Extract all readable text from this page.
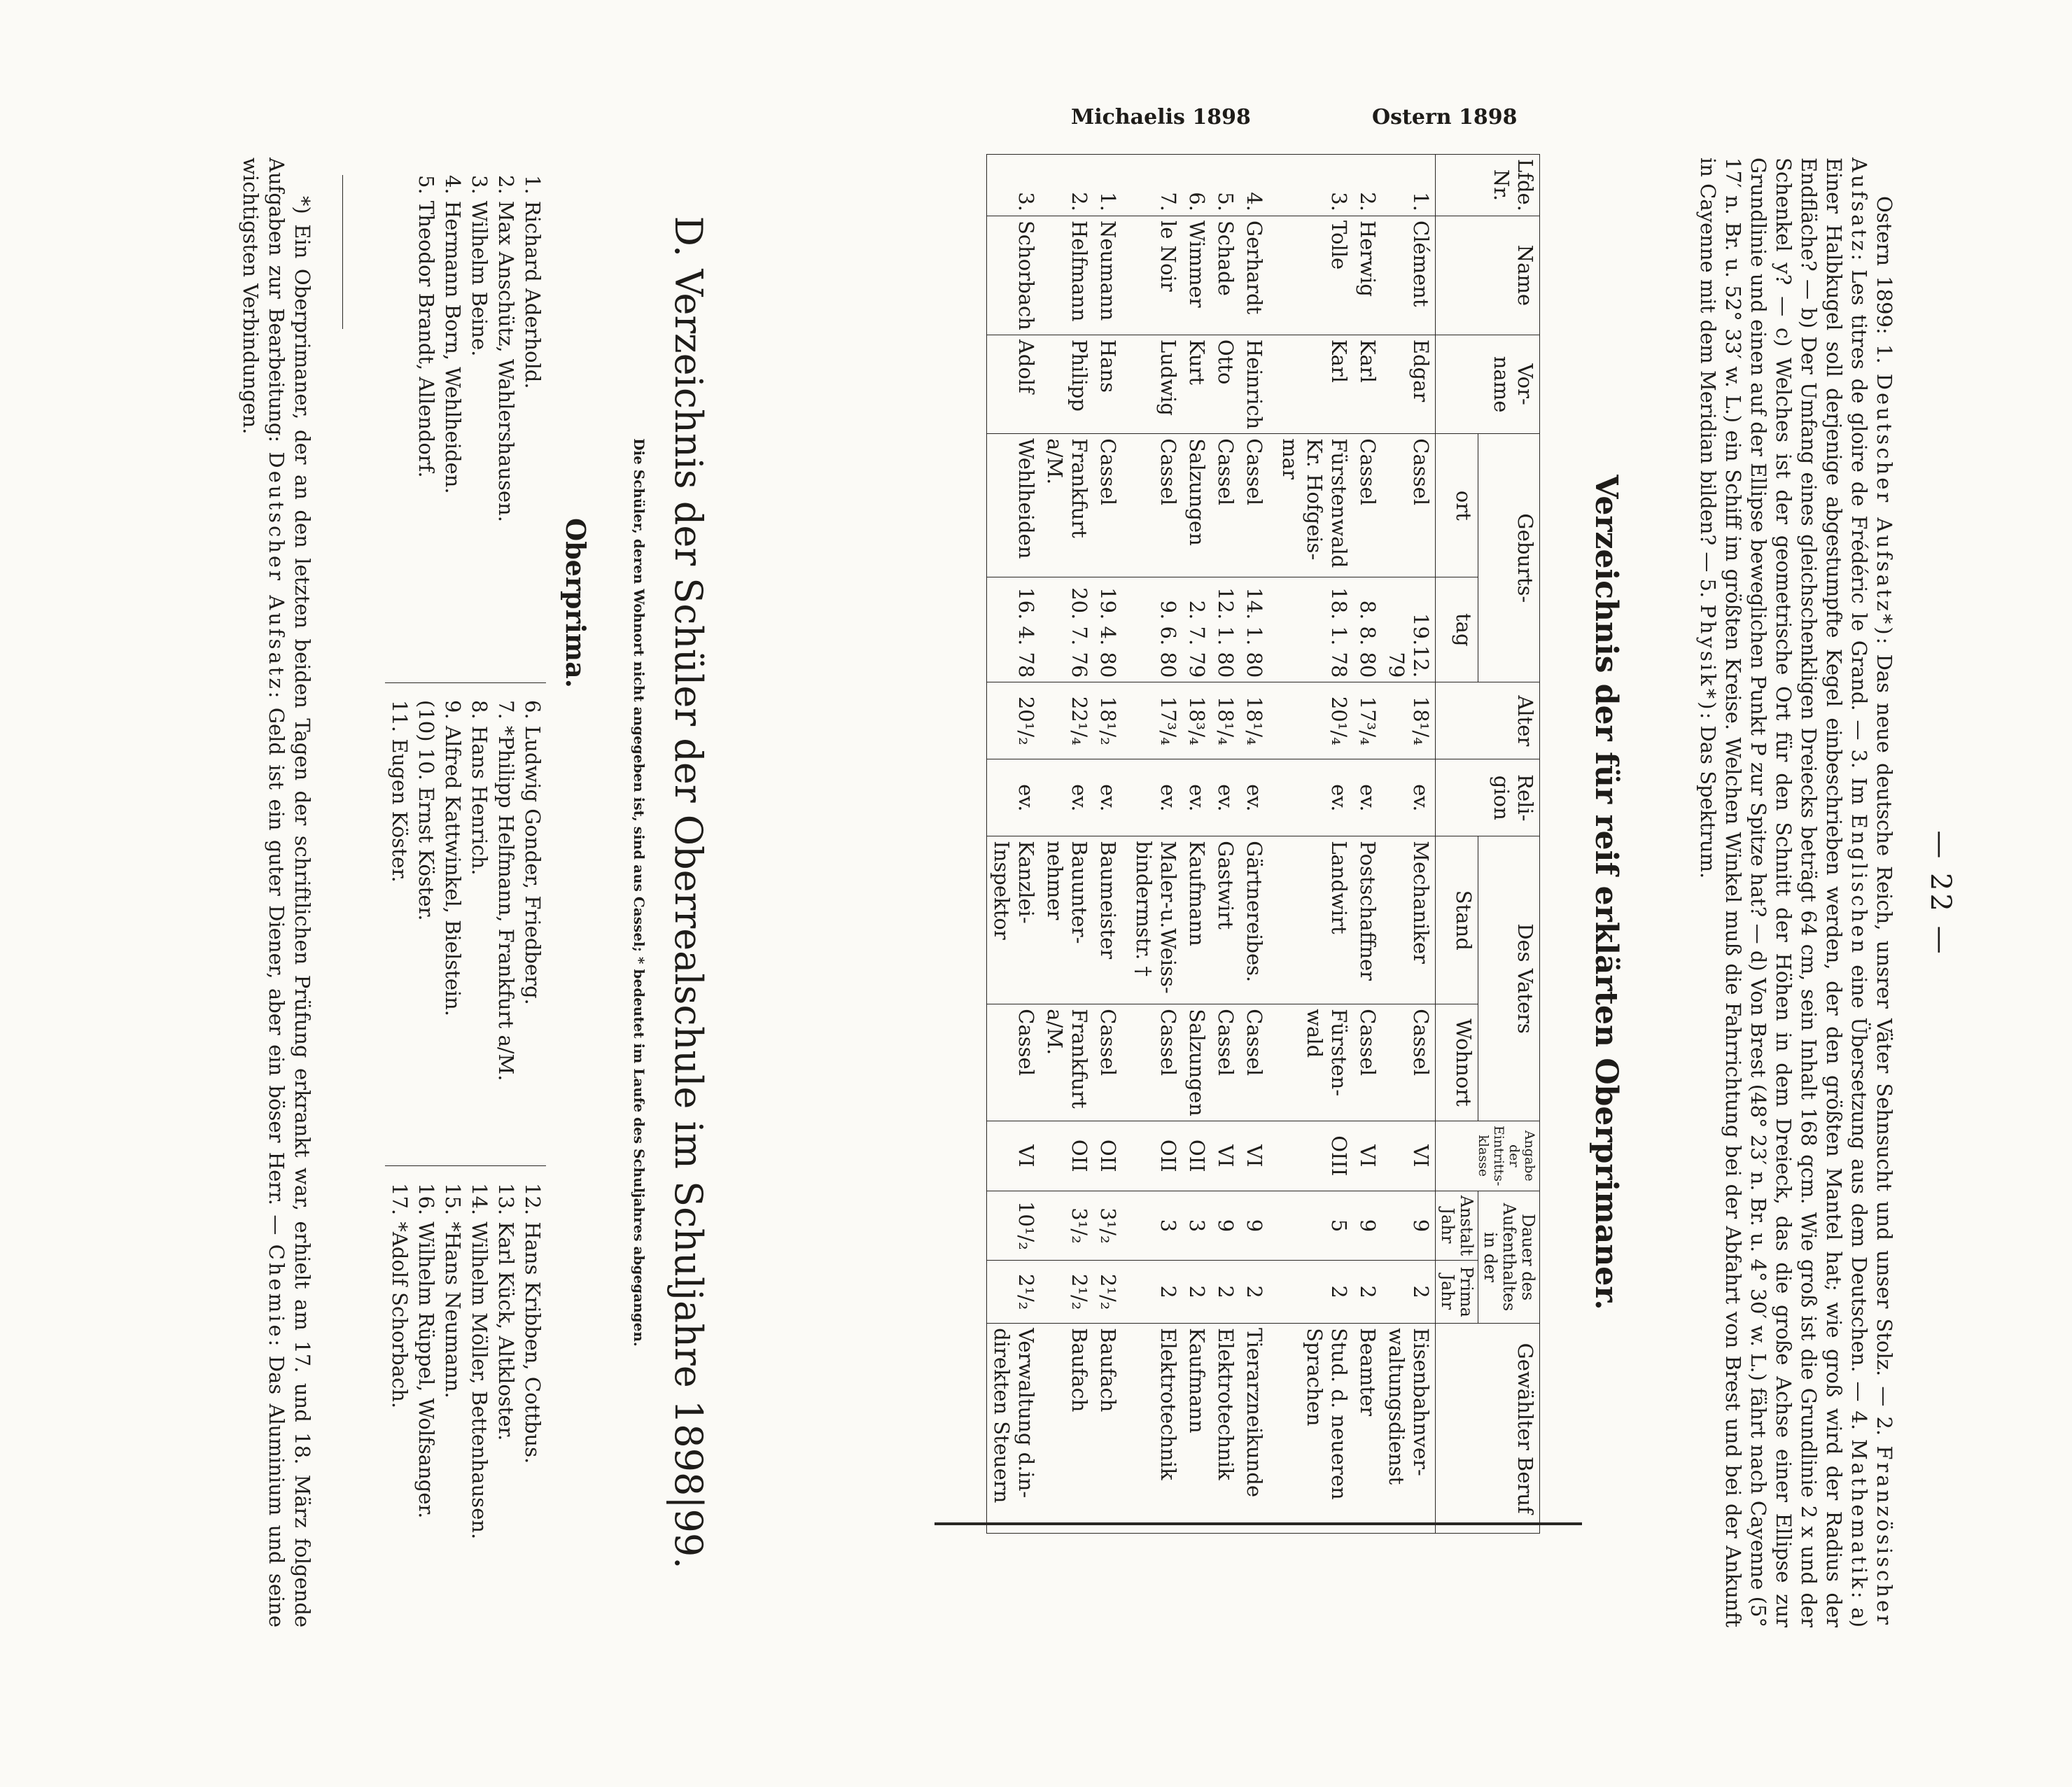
— 22 —

Ostern 1899: 1. Deutscher Aufsatz*): Das neue deutsche Reich, unsrer Väter Sehnsucht und unser Stolz. — 2. Französischer Aufsatz: Les titres de gloire de Frédéric le Grand. — 3. Im Englischen eine Übersetzung aus dem Deutschen. — 4. Mathematik: a) Einer Halbkugel soll derjenige abgestumpfte Kegel einbeschrieben werden, der den größten Mantel hat; wie groß wird der Radius der Endfläche? — b) Der Umfang eines gleichschenkligen Dreiecks beträgt 64 cm, sein Inhalt 168 qcm. Wie groß ist die Grundlinie 2 x und der Schenkel y? — c) Welches ist der geometrische Ort für den Schnitt der Höhen in dem Dreieck, das die große Achse einer Ellipse zur Grundlinie und einen auf der Ellipse beweglichen Punkt P zur Spitze hat? — d) Von Brest (48° 23′ n. Br. u. 4° 30′ w. L.) fährt nach Cayenne (5° 17′ n. Br. u. 52° 33′ w. L.) ein Schiff im größten Kreise. Welchen Winkel muß die Fahrrichtung bei der Abfahrt von Brest und bei der Ankunft in Cayenne mit dem Meridian bilden? — 5. Physik*): Das Spektrum.

Verzeichnis der für reif erklärten Oberprimaner.
Ostern 1898
Michaelis 1898
Lfde. Nr.	Name	Vor-name	Geburts-		Alter	Reli-gion	Des Vaters		Angabe der Eintritts-klasse	Dauer des Aufenthaltes in der		Gewählter Beruf
			ort	tag			Stand	Wohnort		Anstalt Jahr	Prima Jahr	
1.	Clément	Edgar	Cassel	19.12. 79	18¹/₄	ev.	Mechaniker	Cassel	VI	9	2	Eisenbahnver-waltungsdienst
2.	Herwig	Karl	Cassel	8. 8. 80	17³/₄	ev.	Postschaffner	Cassel	VI	9	2	Beamter
3.	Tolle	Karl	Fürstenwald Kr. Hofgeis-mar	18. 1. 78	20¹/₄	ev.	Landwirt	Fürsten-wald	OIII	5	2	Stud. d. neueren Sprachen

4.	Gerhardt	Heinrich	Cassel	14. 1. 80	18¹/₄	ev.	Gärtnereibes.	Cassel	VI	9	2	Tierarzneikunde
5.	Schade	Otto	Cassel	12. 1. 80	18¹/₄	ev.	Gastwirt	Cassel	VI	9	2	Elektrotechnik
6.	Wimmer	Kurt	Salzungen	2. 7. 79	18³/₄	ev.	Kaufmann	Salzungen	OII	3	2	Kaufmann
7.	le Noir	Ludwig	Cassel	9. 6. 80	17³/₄	ev.	Maler-u.Weiss-bindermstr. †	Cassel	OII	3	2	Elektrotechnik

1.	Neumann	Hans	Cassel	19. 4. 80	18¹/₂	ev.	Baumeister	Cassel	OII	3¹/₂	2¹/₂	Baufach
2.	Helfmann	Philipp	Frankfurt a/M.	20. 7. 76	22¹/₄	ev.	Bauunter-nehmer	Frankfurt a/M.	OII	3¹/₂	2¹/₂	Baufach
3.	Schorbach	Adolf	Wehlheiden	16. 4. 78	20¹/₂	ev.	Kanzlei-Inspektor	Cassel	VI	10¹/₂	2¹/₂	Verwaltung d.in-direkten Steuern
D. Verzeichnis der Schüler der Oberrealschule im Schuljahre 1898|99.
Die Schüler, deren Wohnort nicht angegeben ist, sind aus Cassel; * bedeutet im Laufe des Schuljahres abgegangen.
Oberprima.
1. Richard Aderhold.
2. Max Anschütz, Wahlershausen.
3. Wilhelm Beine.
4. Hermann Born, Wehlheiden.
5. Theodor Brandt, Allendorf.
6. Ludwig Gonder, Friedberg.
7. *Philipp Helfmann, Frankfurt a/M.
8. Hans Henrich.
9. Alfred Kattwinkel, Bielstein.
(10) 10. Ernst Köster.
11. Eugen Köster.
12. Hans Kribben, Cottbus.
13. Karl Kück, Altkloster.
14. Wilhelm Möller, Bettenhausen.
15. *Hans Neumann.
16. Wilhelm Rüppel, Wolfsanger.
17. *Adolf Schorbach.

*) Ein Oberprimaner, der an den letzten beiden Tagen der schriftlichen Prüfung erkrankt war, erhielt am 17. und 18. März folgende Aufgaben zur Bearbeitung: Deutscher Aufsatz: Geld ist ein guter Diener, aber ein böser Herr. — Chemie: Das Aluminium und seine wichtigsten Verbindungen.
